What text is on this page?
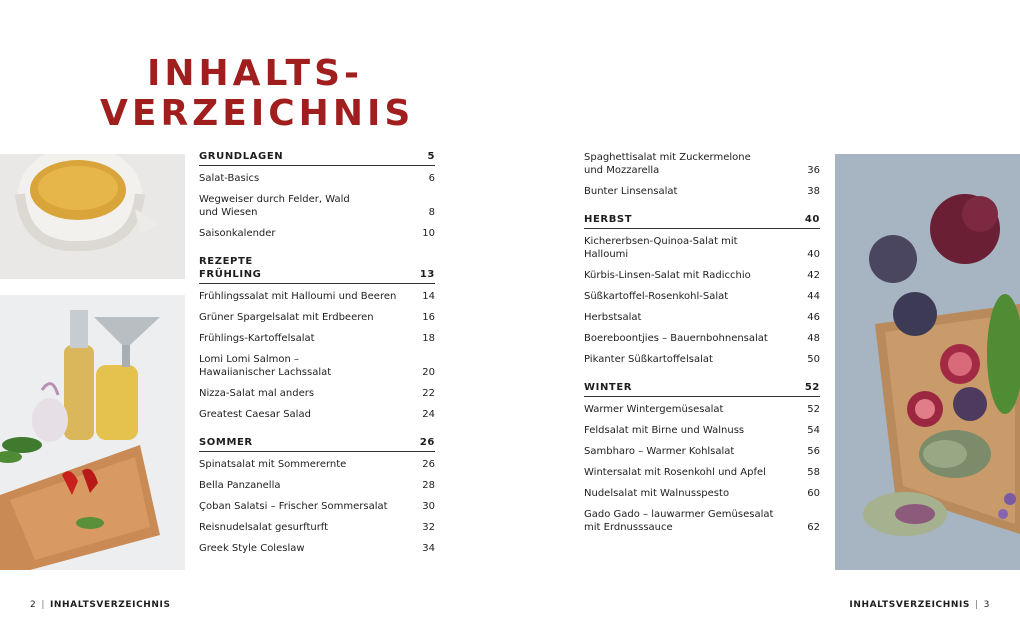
INHALTS-
VERZEICHNIS
GRUNDLAGEN	5
Salat-Basics	6
Wegweiser durch Felder, Wald
und Wiesen	8
Saisonkalender	10
REZEPTE
FRÜHLING	13
Frühlingssalat mit Halloumi und Beeren	14
Grüner Spargelsalat mit Erdbeeren	16
Frühlings-Kartoffelsalat	18
Lomi Lomi Salmon –
Hawaiianischer Lachssalat	20
Nizza-Salat mal anders	22
Greatest Caesar Salad	24
SOMMER	26
Spinatsalat mit Sommerernte	26
Bella Panzanella	28
Çoban Salatsi – Frischer Sommersalat	30
Reisnudelsalat gesurfturft	32
Greek Style Coleslaw	34
Spaghettisalat mit Zuckermelone
und Mozzarella	36
Bunter Linsensalat	38
HERBST	40
Kichererbsen-Quinoa-Salat mit Halloumi	40
Kürbis-Linsen-Salat mit Radicchio	42
Süßkartoffel-Rosenkohl-Salat	44
Herbstsalat	46
Boereboontjies – Bauernbohnensalat	48
Pikanter Süßkartoffelsalat	50
WINTER	52
Warmer Wintergemüsesalat	52
Feldsalat mit Birne und Walnuss	54
Sambharo – Warmer Kohlsalat	56
Wintersalat mit Rosenkohl und Apfel	58
Nudelsalat mit Walnusspesto	60
Gado Gado – lauwarmer Gemüsesalat
mit Erdnusssauce	62
2 | INHALTSVERZEICHNIS	INHALTSVERZEICHNIS | 3
